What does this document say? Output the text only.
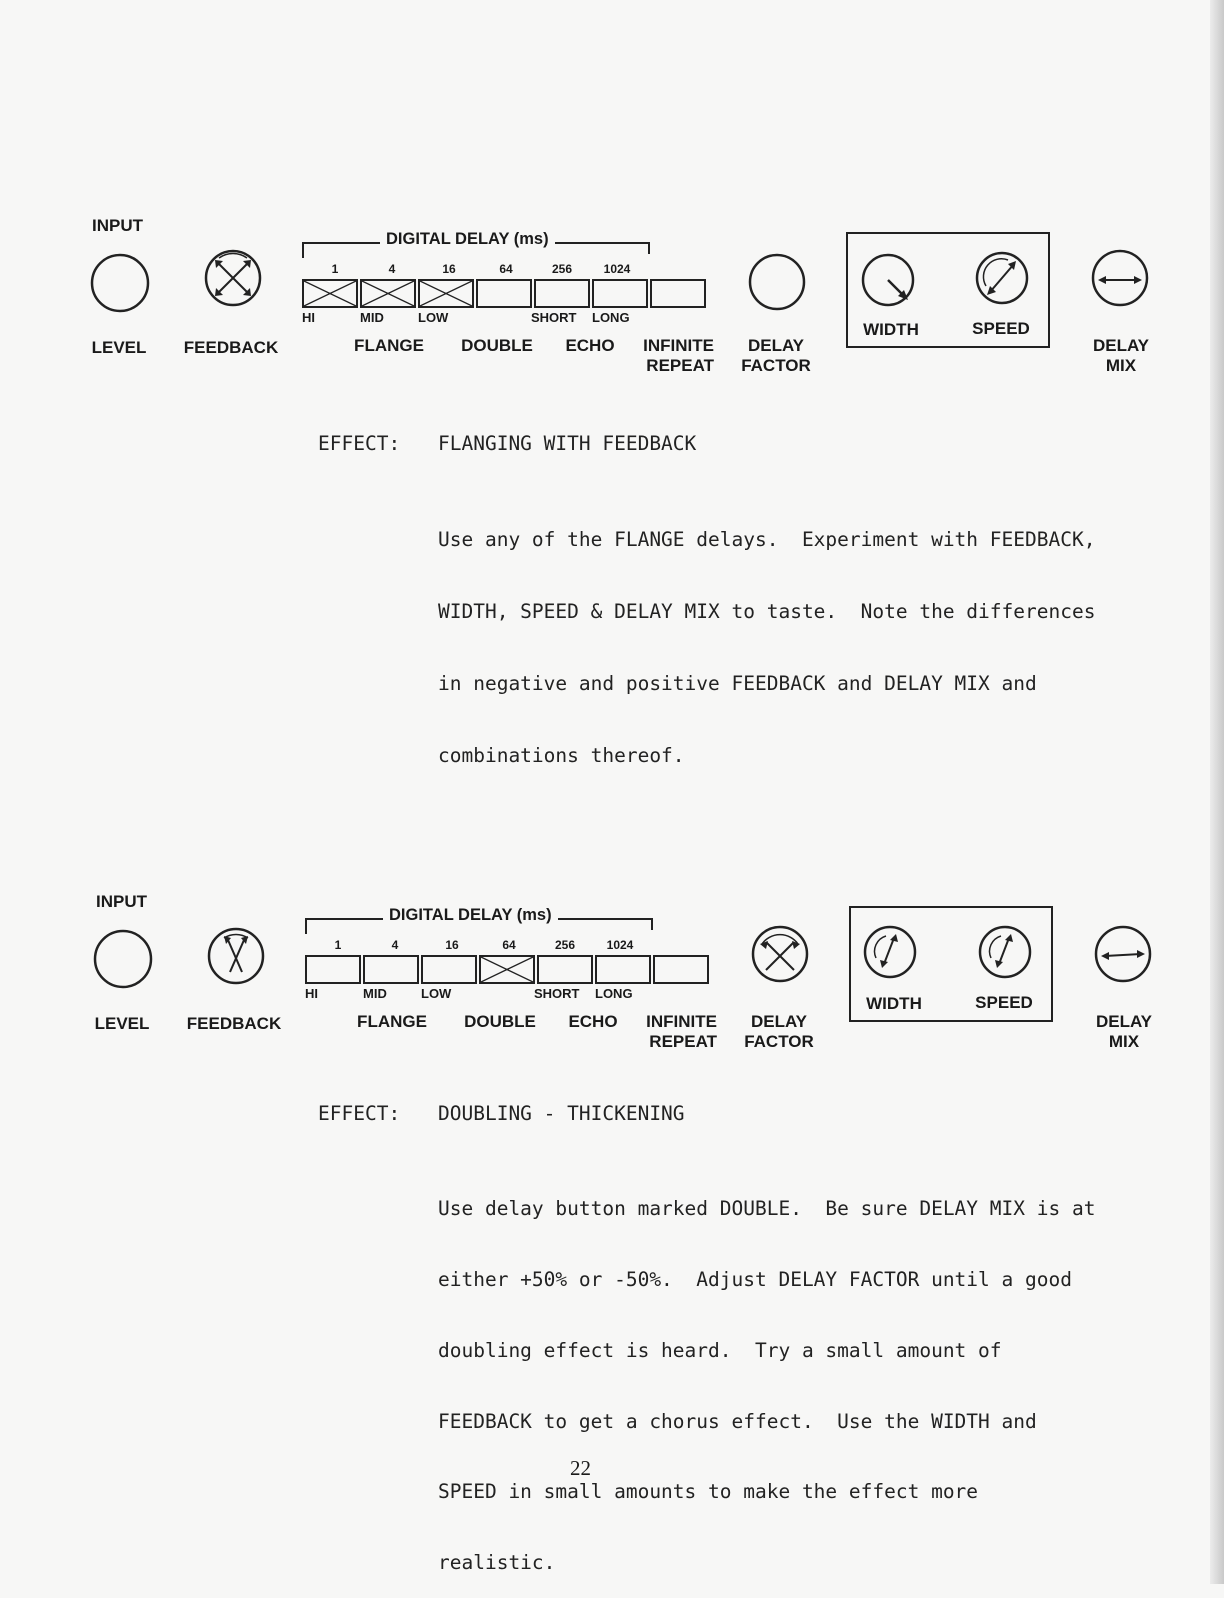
INPUT
LEVEL FEEDBACK
DIGITAL DELAY (ms)
1	4	16	64	256	1024
HI	MID	LOW	SHORT LONG
FLANGE DOUBLE ECHO	INFINITE
REPEAT
DELAY
FACTOR
WIDTH	SPEED
DELAY
MIX
EFFECT: FLANGING WITH FEEDBACK

Use any of the FLANGE delays.  Experiment with FEEDBACK,

WIDTH, SPEED & DELAY MIX to taste.  Note the differences

in negative and positive FEEDBACK and DELAY MIX and

combinations thereof.

INPUT
LEVEL FEEDBACK
DIGITAL DELAY (ms)
1	4	16	64	256	1024
HI	MID	LOW	SHORT LONG
FLANGE DOUBLE ECHO	INFINITE
REPEAT
DELAY
FACTOR
WIDTH	SPEED
DELAY
MIX
EFFECT: DOUBLING - THICKENING

Use delay button marked DOUBLE.  Be sure DELAY MIX is at

either +50% or -50%.  Adjust DELAY FACTOR until a good

doubling effect is heard.  Try a small amount of

FEEDBACK to get a chorus effect.  Use the WIDTH and

SPEED in small amounts to make the effect more

realistic.

22
